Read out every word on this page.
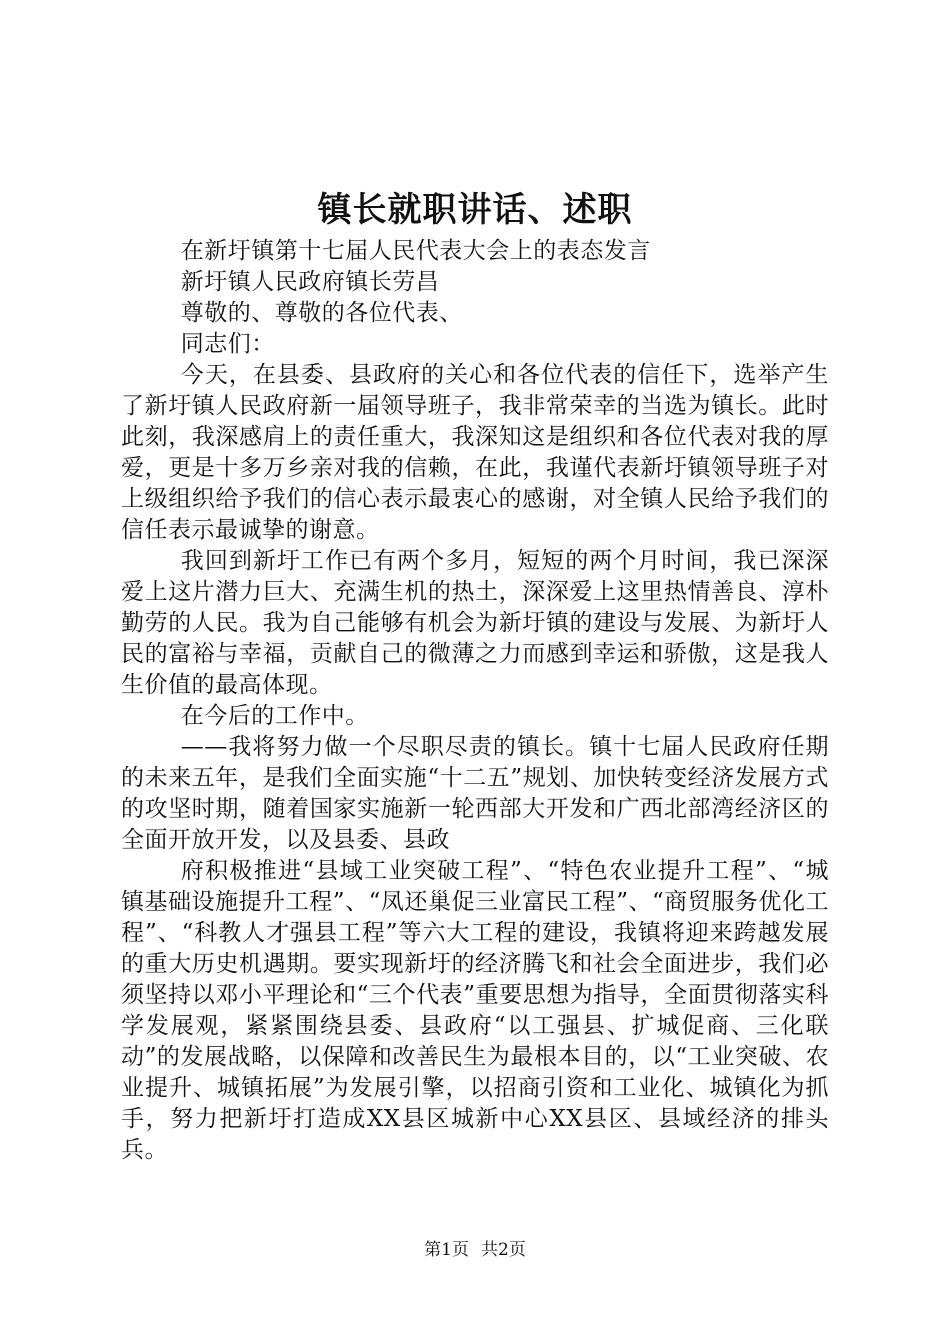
镇长就职讲话、述职

在新圩镇第十七届人民代表大会上的表态发言

新圩镇人民政府镇长劳昌

尊敬的、尊敬的各位代表、

同志们：

今天，在县委、县政府的关心和各位代表的信任下，选举产生了新圩镇人民政府新一届领导班子，我非常荣幸的当选为镇长。此时此刻，我深感肩上的责任重大，我深知这是组织和各位代表对我的厚爱，更是十多万乡亲对我的信赖，在此，我谨代表新圩镇领导班子对上级组织给予我们的信心表示最衷心的感谢，对全镇人民给予我们的信任表示最诚挚的谢意。

我回到新圩工作已有两个多月，短短的两个月时间，我已深深爱上这片潜力巨大、充满生机的热土，深深爱上这里热情善良、淳朴勤劳的人民。我为自己能够有机会为新圩镇的建设与发展、为新圩人民的富裕与幸福，贡献自己的微薄之力而感到幸运和骄傲，这是我人生价值的最高体现。

在今后的工作中。

——我将努力做一个尽职尽责的镇长。镇十七届人民政府任期的未来五年，是我们全面实施“十二五”规划、加快转变经济发展方式的攻坚时期，随着国家实施新一轮西部大开发和广西北部湾经济区的全面开放开发，以及县委、县政

府积极推进“县域工业突破工程”、“特色农业提升工程”、“城镇基础设施提升工程”、“凤还巢促三业富民工程”、“商贸服务优化工程”、“科教人才强县工程”等六大工程的建设，我镇将迎来跨越发展的重大历史机遇期。要实现新圩的经济腾飞和社会全面进步，我们必须坚持以邓小平理论和“三个代表”重要思想为指导，全面贯彻落实科学发展观，紧紧围绕县委、县政府“以工强县、扩城促商、三化联动”的发展战略，以保障和改善民生为最根本目的，以“工业突破、农业提升、城镇拓展”为发展引擎，以招商引资和工业化、城镇化为抓手，努力把新圩打造成XX县区城新中心XX县区、县域经济的排头兵。

第1页 共2页
